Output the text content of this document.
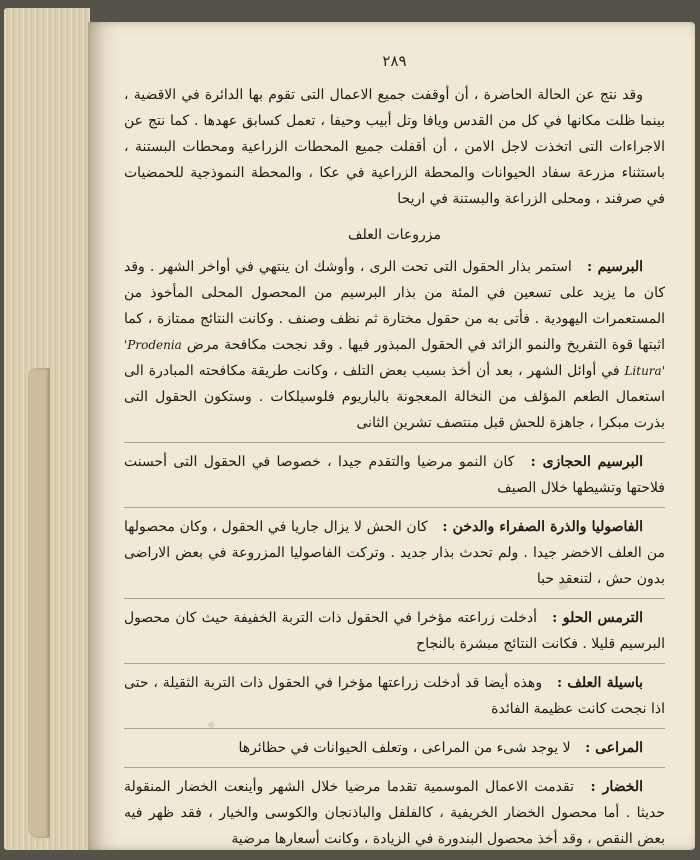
٢٨٩

وقد نتج عن الحالة الحاضرة ، أن أوقفت جميع الاعمال التى تقوم بها الدائرة في الاقضية ، بينما ظلت مكانها في كل من القدس ويافا وتل أبيب وحيفا ، تعمل كسابق عهدها . كما نتج عن الاجراءات التى اتخذت لاجل الامن ، أن أقفلت جميع المحطات الزراعية ومحطات البستنة ، باستثناء مزرعة سفاد الحيوانات والمحطة الزراعية في عكا ، والمحطة النموذجية للحمضيات في صرفند ، ومحلى الزراعة والبستنة في اريحا

مزروعات العلف

البرسيم : استمر بذار الحقول التى تحت الرى ، وأوشك ان ينتهي في أواخر الشهر . وقد كان ما يزيد على تسعين في المئة من بذار البرسيم من المحصول المحلى المأخوذ من المستعمرات اليهودية . فأتى به من حقول مختارة ثم نظف وصنف . وكانت النتائج ممتازة ، كما اثبتها قوة التفريخ والنمو الزائد في الحقول المبذور فيها . وقد نجحت مكافحة مرض 'Prodenia Litura' في أوائل الشهر ، بعد أن أخذ بسبب بعض التلف ، وكانت طريقة مكافحته المبادرة الى استعمال الطعم المؤلف من النخالة المعجونة بالباريوم فلوسيلكات . وستكون الحقول التى بذرت مبكرا ، جاهزة للحش قبل منتصف تشرين الثانى

البرسيم الحجازى : كان النمو مرضيا والتقدم جيدا ، خصوصا في الحقول التى أحسنت فلاحتها وتشيطها خلال الصيف

الفاصوليا والذرة الصفراء والدخن : كان الحش لا يزال جاريا في الحقول ، وكان محصولها من العلف الاخضر جيدا . ولم تحدث بذار جديد . وتركت الفاصوليا المزروعة في بعض الاراضى بدون حش ، لتنعقد حبا

الترمس الحلو : أدخلت زراعته مؤخرا في الحقول ذات التربة الخفيفة حيث كان محصول البرسيم قليلا . فكانت النتائج مبشرة بالنجاح

باسيلة العلف : وهذه أيضا قد أدخلت زراعتها مؤخرا في الحقول ذات التربة الثقيلة ، حتى اذا نجحت كانت عظيمة الفائدة

المراعى : لا يوجد شىء من المراعى ، وتعلف الحيوانات في حظائرها

الخضار : تقدمت الاعمال الموسمية تقدما مرضيا خلال الشهر وأينعت الخضار المنقولة حديثا . أما محصول الخضار الخريفية ، كالفلفل والباذنجان والكوسى والخيار ، فقد ظهر فيه بعض النقص ، وقد أخذ محصول البندورة في الزيادة ، وكانت أسعارها مرضية
